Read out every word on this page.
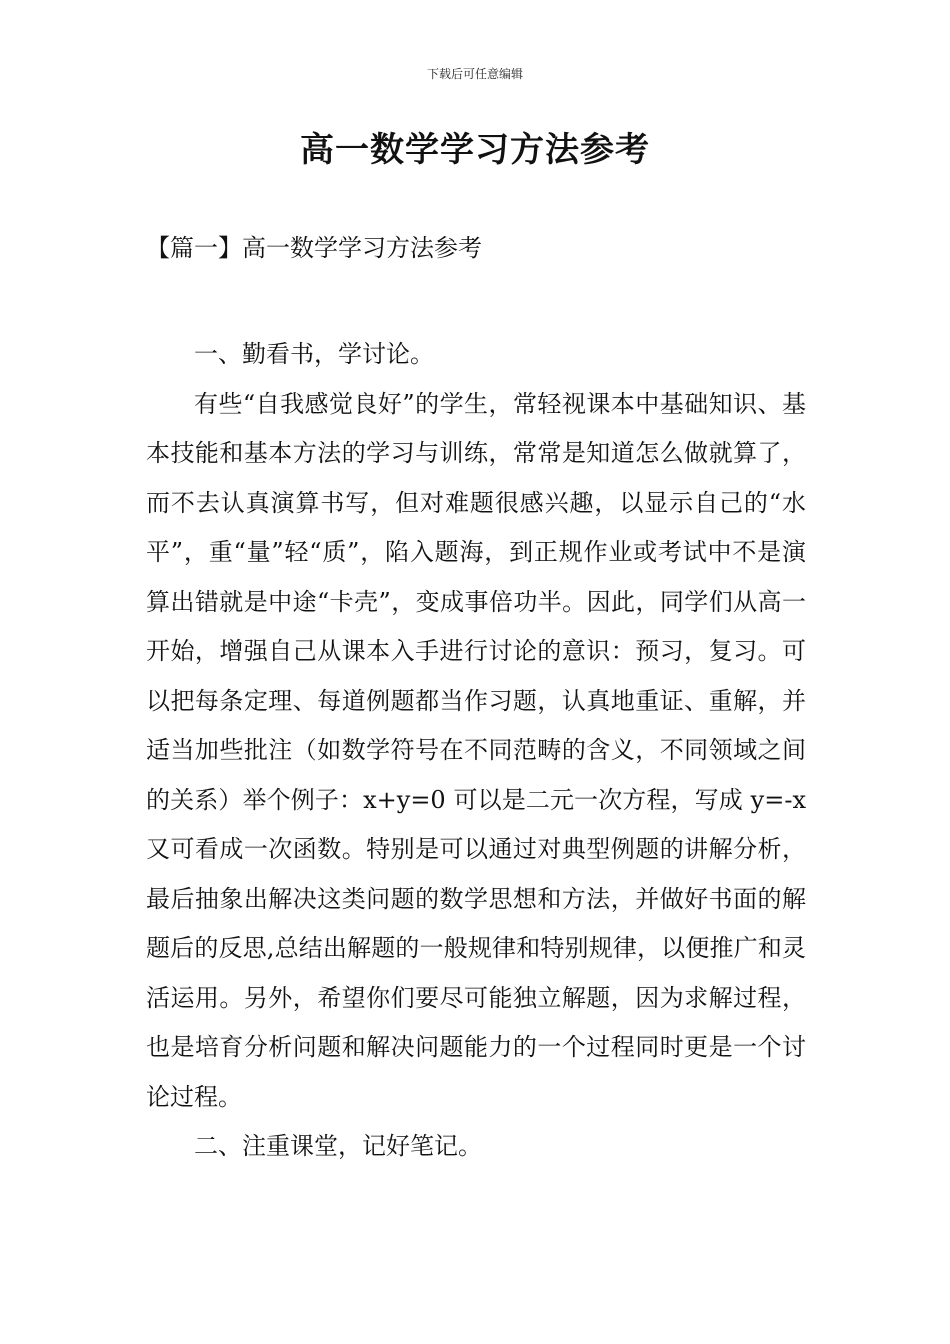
下载后可任意编辑
高一数学学习方法参考
【篇一】高一数学学习方法参考

一、勤看书，学讨论。

有些“自我感觉良好”的学生，常轻视课本中基础知识、基本技能和基本方法的学习与训练，常常是知道怎么做就算了，而不去认真演算书写，但对难题很感兴趣，以显示自己的“水平”，重“量”轻“质”，陷入题海，到正规作业或考试中不是演算出错就是中途“卡壳”，变成事倍功半。因此，同学们从高一开始，增强自己从课本入手进行讨论的意识：预习，复习。可以把每条定理、每道例题都当作习题，认真地重证、重解，并适当加些批注（如数学符号在不同范畴的含义，不同领域之间的关系）举个例子：x+y=0 可以是二元一次方程，写成 y=-x 又可看成一次函数。特别是可以通过对典型例题的讲解分析，最后抽象出解决这类问题的数学思想和方法，并做好书面的解题后的反思,总结出解题的一般规律和特别规律，以便推广和灵活运用。另外，希望你们要尽可能独立解题，因为求解过程，也是培育分析问题和解决问题能力的一个过程同时更是一个讨论过程。

二、注重课堂，记好笔记。
